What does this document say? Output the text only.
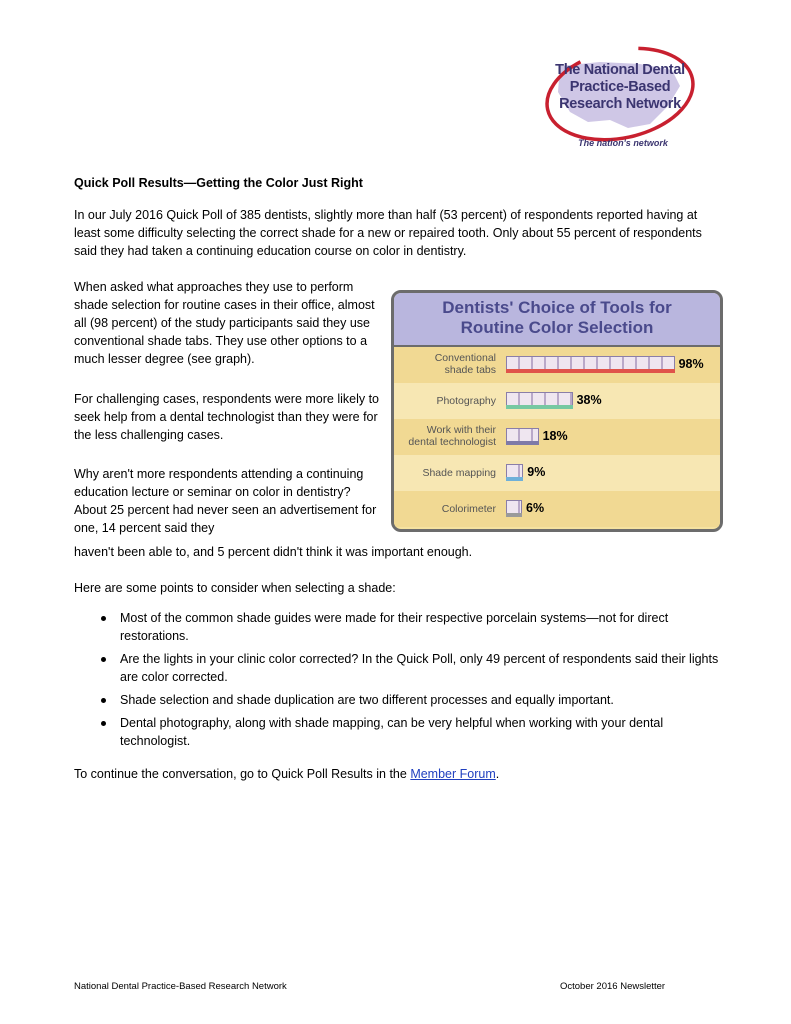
The National Dental
Practice-Based
Research Network
The nation's network
Quick Poll Results—Getting the Color Just Right

In our July 2016 Quick Poll of 385 dentists, slightly more than half (53 percent) of respondents reported having at least some difficulty selecting the correct shade for a new or repaired tooth. Only about 55 percent of respondents said they had taken a continuing education course on color in dentistry.

When asked what approaches they use to perform shade selection for routine cases in their office, almost all (98 percent) of the study participants said they use conventional shade tabs. They use other options to a much lesser degree (see graph).

For challenging cases, respondents were more likely to seek help from a dental technologist than they were for the less challenging cases.

Why aren't more respondents attending a continuing education lecture or seminar on color in dentistry? About 25 percent had never seen an advertisement for one, 14 percent said they

haven't been able to, and 5 percent didn't think it was important enough.

Dentists' Choice of Tools for
Routine Color Selection
Conventional
shade tabs	98%
Photography	38%
Work with their
dental technologist	18%
Shade mapping	9%
Colorimeter 6%

Here are some points to consider when selecting a shade:

Most of the common shade guides were made for their respective porcelain systems—not for direct restorations.
Are the lights in your clinic color corrected? In the Quick Poll, only 49 percent of respondents said their lights are color corrected.
Shade selection and shade duplication are two different processes and equally important.
Dental photography, along with shade mapping, can be very helpful when working with your dental technologist.

To continue the conversation, go to Quick Poll Results in the Member Forum.

National Dental Practice-Based Research Network	October 2016 Newsletter
